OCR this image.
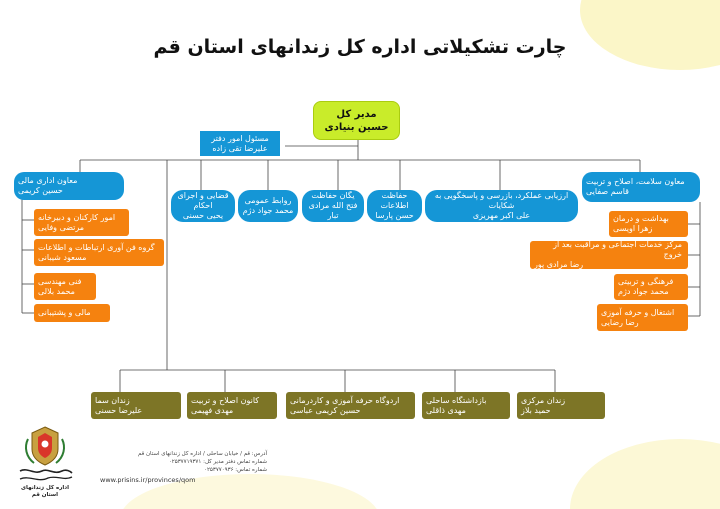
چارت تشکیلاتی اداره کل زندانهای استان قم
مدیر کل
حسین بنیادی
مسئول امور دفتر
علیرضا تقی زاده
معاون اداری مالی
حسین کریمی
امور کارکنان و دبیرخانه
مرتضی وفایی
گروه فن آوری ارتباطات و اطلاعات
مسعود شیبانی
فنی مهندسی
محمد بلالی
مالی و پشتیبانی
معاون سلامت، اصلاح و تربیت
قاسم صفایی
بهداشت و درمان
زهرا اویسی
مرکز خدمات اجتماعی و مراقبت بعد از خروج
رضا مرادی پور
فرهنگی و تربیتی
محمد جواد دژم
اشتغال و حرفه آموزی
رضا رضایی
ارزیابی عملکرد، بازرسی و پاسخگویی به شکایات
علی اکبر مهریزی
حفاظت اطلاعات
حسن پارسا
یگان حفاظت
فتح الله مرادی تبار
روابط عمومی
محمد جواد دژم
قضایی و اجرای احکام
یحیی حسنی
زندان مرکزی
حمید بلاز
بازداشتگاه ساحلی
مهدی ذاقلی
اردوگاه حرفه آموزی و کاردرمانی
حسین کریمی عباسی
کانون اصلاح و تربیت
مهدی فهیمی
زندان سما
علیرضا حسنی
اداره کل زندانهای استان قم
آدرس: قم / خیابان ساحلی / اداره کل زندانهای استان قم
شماره تماس دفتر مدیر کل: ۰۲۵۳۷۷۱۹۳۷۱
شماره تماس: ۰۲۵۳۷۷۰۹۳۶
www.prisins.ir/provinces/qom
